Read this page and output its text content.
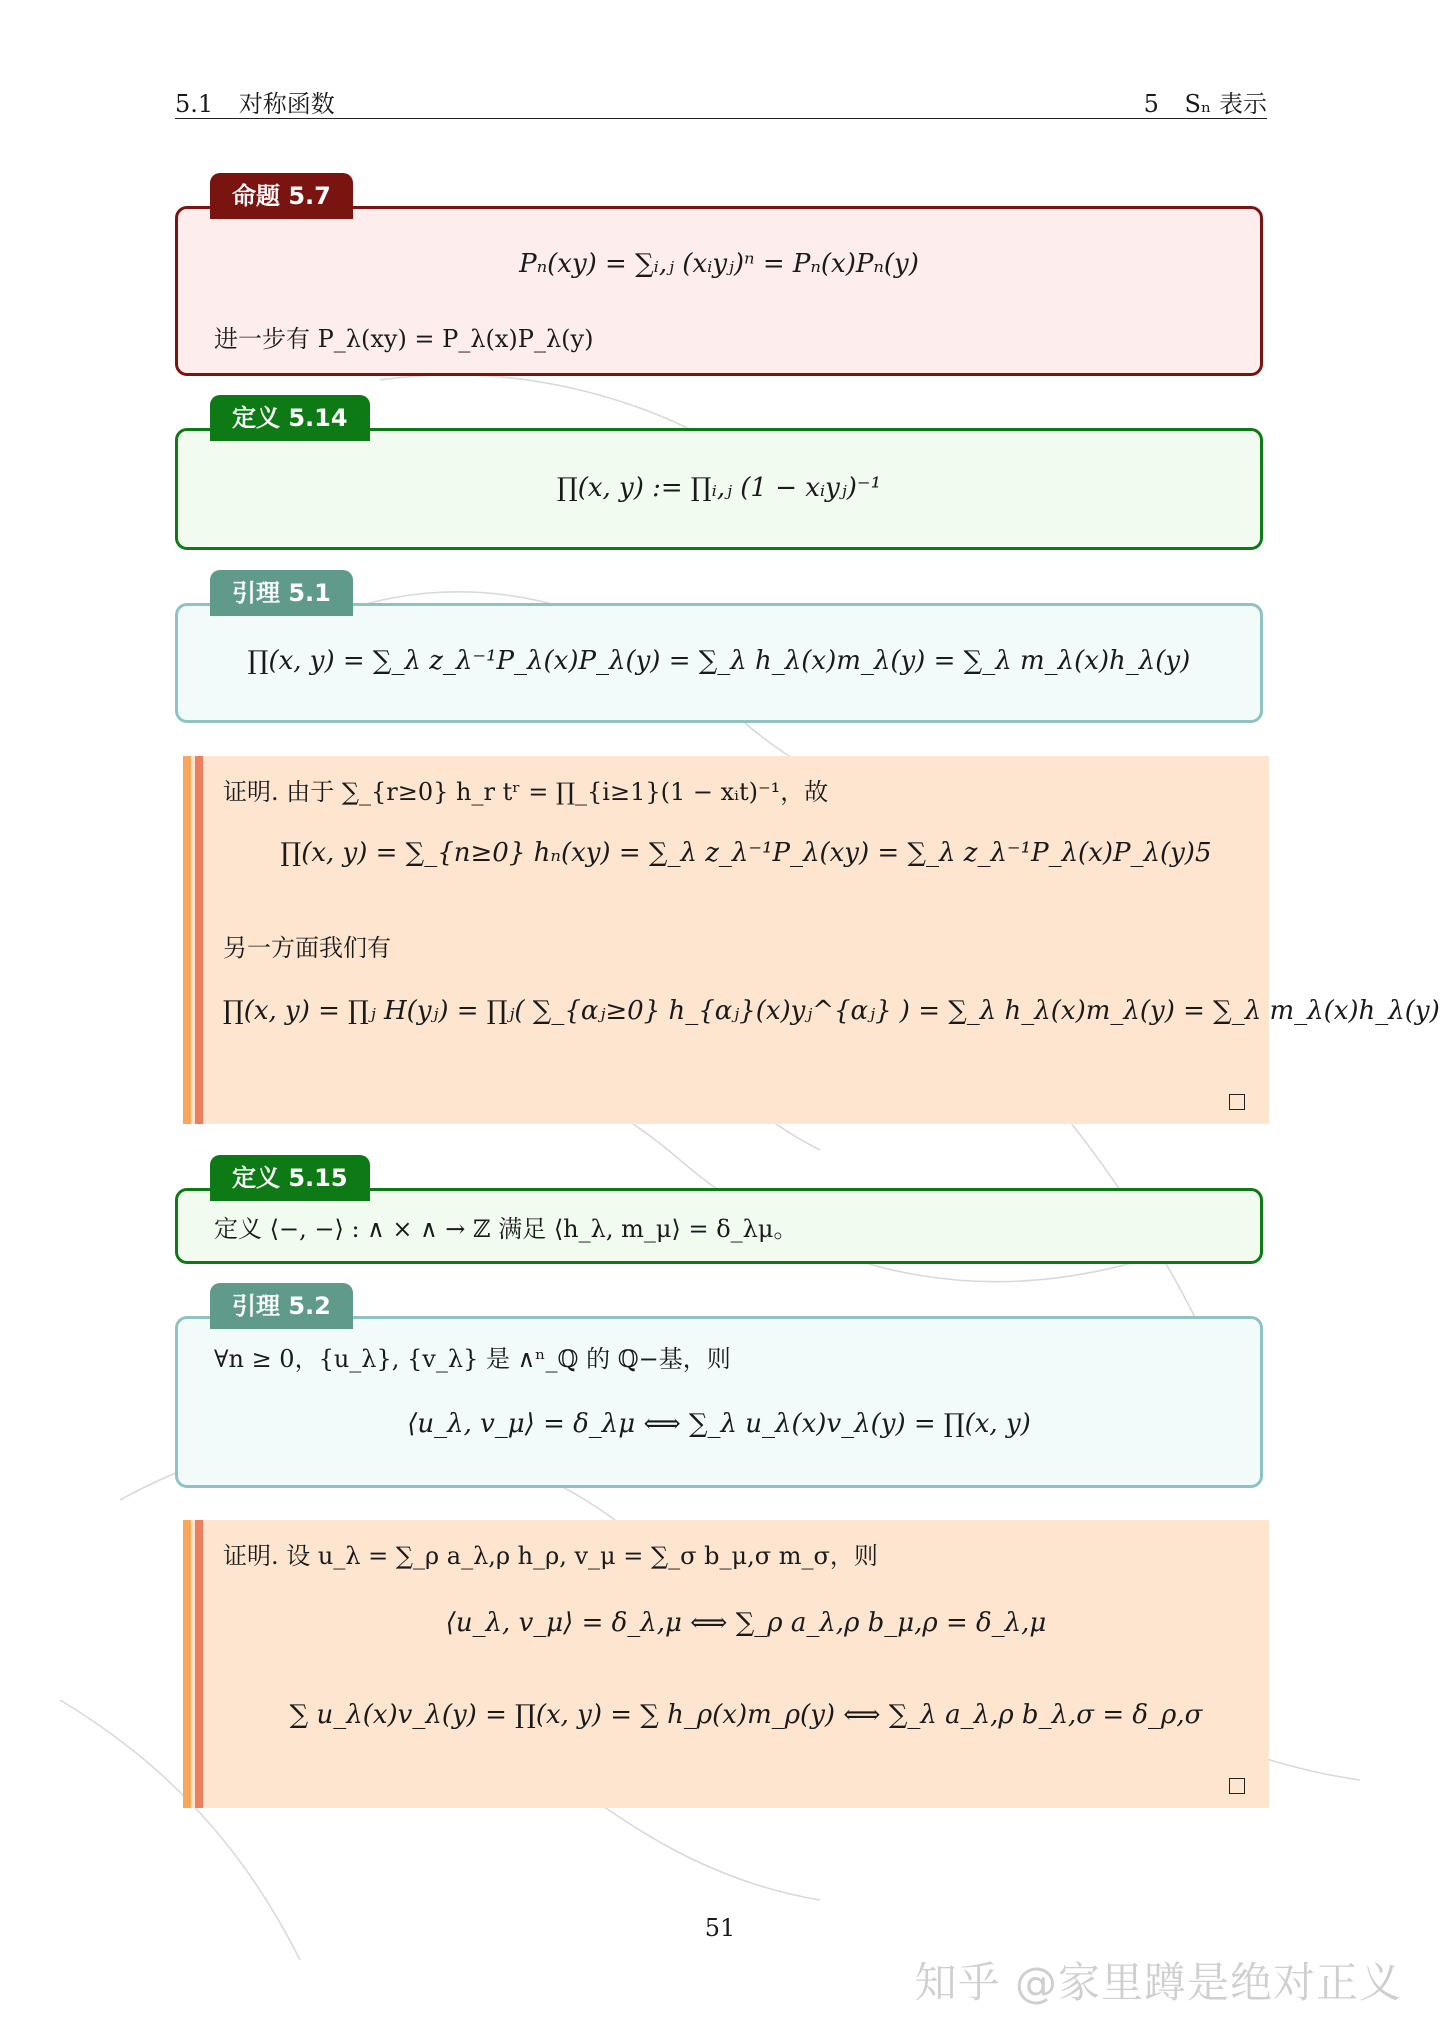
5.1 对称函数	5 Sₙ 表示
命题 5.7
Pₙ(xy) = ∑ᵢ,ⱼ (xᵢyⱼ)ⁿ = Pₙ(x)Pₙ(y)
进一步有 P_λ(xy) = P_λ(x)P_λ(y)
定义 5.14
∏(x, y) := ∏ᵢ,ⱼ (1 − xᵢyⱼ)⁻¹
引理 5.1
∏(x, y) = ∑_λ z_λ⁻¹P_λ(x)P_λ(y) = ∑_λ h_λ(x)m_λ(y) = ∑_λ m_λ(x)h_λ(y)
证明. 由于 ∑_{r≥0} h_r tʳ = ∏_{i≥1}(1 − xᵢt)⁻¹，故
∏(x, y) = ∑_{n≥0} hₙ(xy) = ∑_λ z_λ⁻¹P_λ(xy) = ∑_λ z_λ⁻¹P_λ(x)P_λ(y)5
另一方面我们有
∏(x, y) = ∏ⱼ H(yⱼ) = ∏ⱼ( ∑_{αⱼ≥0} h_{αⱼ}(x)yⱼ^{αⱼ} ) = ∑_λ h_λ(x)m_λ(y) = ∑_λ m_λ(x)h_λ(y)
定义 5.15
定义 ⟨−, −⟩ : ∧ × ∧ → ℤ 满足 ⟨h_λ, m_μ⟩ = δ_λμ。
引理 5.2
∀n ≥ 0，{u_λ}, {v_λ} 是 ∧ⁿ_ℚ 的 ℚ−基，则
⟨u_λ, v_μ⟩ = δ_λμ ⟺ ∑_λ u_λ(x)v_λ(y) = ∏(x, y)
证明. 设 u_λ = ∑_ρ a_λ,ρ h_ρ, v_μ = ∑_σ b_μ,σ m_σ，则
⟨u_λ, v_μ⟩ = δ_λ,μ ⟺ ∑_ρ a_λ,ρ b_μ,ρ = δ_λ,μ
∑ u_λ(x)v_λ(y) = ∏(x, y) = ∑ h_ρ(x)m_ρ(y) ⟺ ∑_λ a_λ,ρ b_λ,σ = δ_ρ,σ
51
知乎 @家里蹲是绝对正义
